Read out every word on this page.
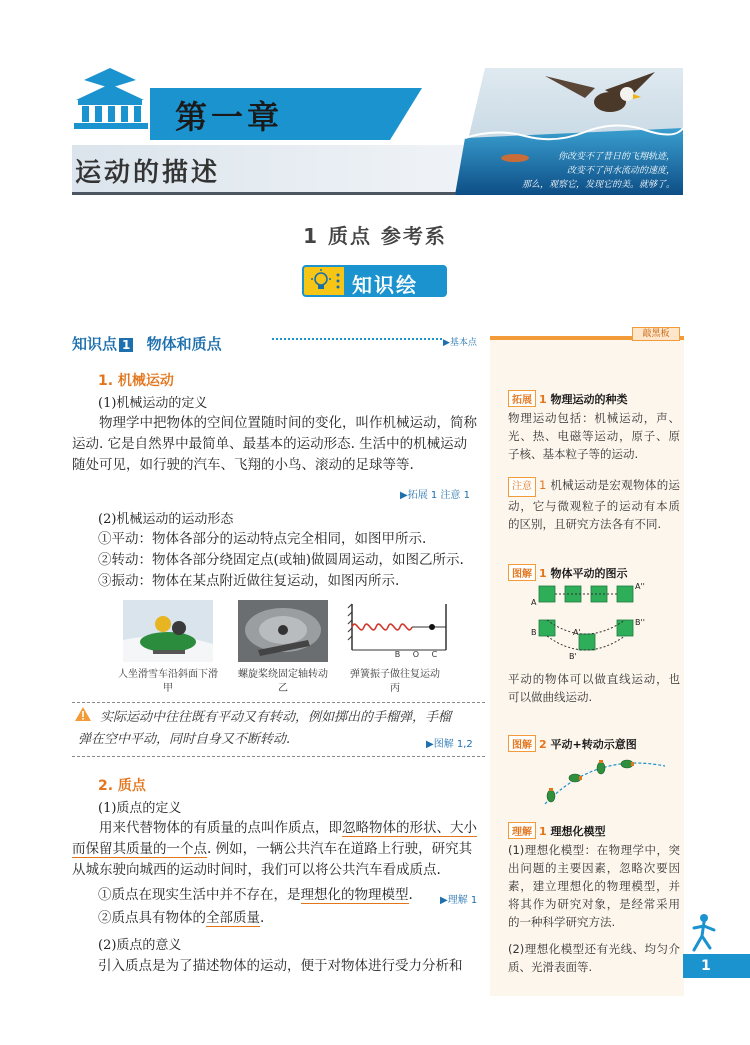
第一章
运动的描述
你改变不了昔日的飞翔轨迹，
改变不了河水流动的速度，
那么，观察它，发现它的美。就够了。
1 质点 参考系
知识绘
知识点 1 物体和质点	▶基本点
1. 机械运动
(1)机械运动的定义
物理学中把物体的空间位置随时间的变化，叫作机械运动，简称
运动. 它是自然界中最简单、最基本的运动形态. 生活中的机械运动
随处可见，如行驶的汽车、飞翔的小鸟、滚动的足球等等.
▶拓展 1 注意 1
(2)机械运动的运动形态
①平动：物体各部分的运动特点完全相同，如图甲所示.
②转动：物体各部分绕固定点(或轴)做圆周运动，如图乙所示.
③振动：物体在某点附近做往复运动，如图丙所示.
B O C
人坐滑雪车沿斜面下滑
甲
螺旋桨绕固定轴转动
乙
弹簧振子做往复运动
丙
实际运动中往往既有平动又有转动，例如掷出的手榴弹，手榴
弹在空中平动，同时自身又不断转动.	▶图解 1,2
2. 质点
(1)质点的定义
用来代替物体的有质量的点叫作质点，即忽略物体的形状、大小
而保留其质量的一个点. 例如，一辆公共汽车在道路上行驶，研究其
从城东驶向城西的运动时间时，我们可以将公共汽车看成质点.
①质点在现实生活中并不存在，是理想化的物理模型.	▶理解 1
②质点具有物体的全部质量.
(2)质点的意义
引入质点是为了描述物体的运动，便于对物体进行受力分析和
敲黑板
拓展 1 物理运动的种类
物理运动包括：机械运动，声、光、热、电磁等运动，原子、原子核、基本粒子等的运动.
注意 1 机械运动是宏观物体的运动，它与微观粒子的运动有本质的区别，且研究方法各有不同.
图解 1 物体平动的图示
A
B	A'
B'
A''
B''
平动的物体可以做直线运动，也可以做曲线运动.
图解 2 平动+转动示意图
理解 1 理想化模型
(1)理想化模型：在物理学中，突出问题的主要因素，忽略次要因素，建立理想化的物理模型，并将其作为研究对象，是经常采用的一种科学研究方法.
(2)理想化模型还有光线、均匀介质、光滑表面等.	1
